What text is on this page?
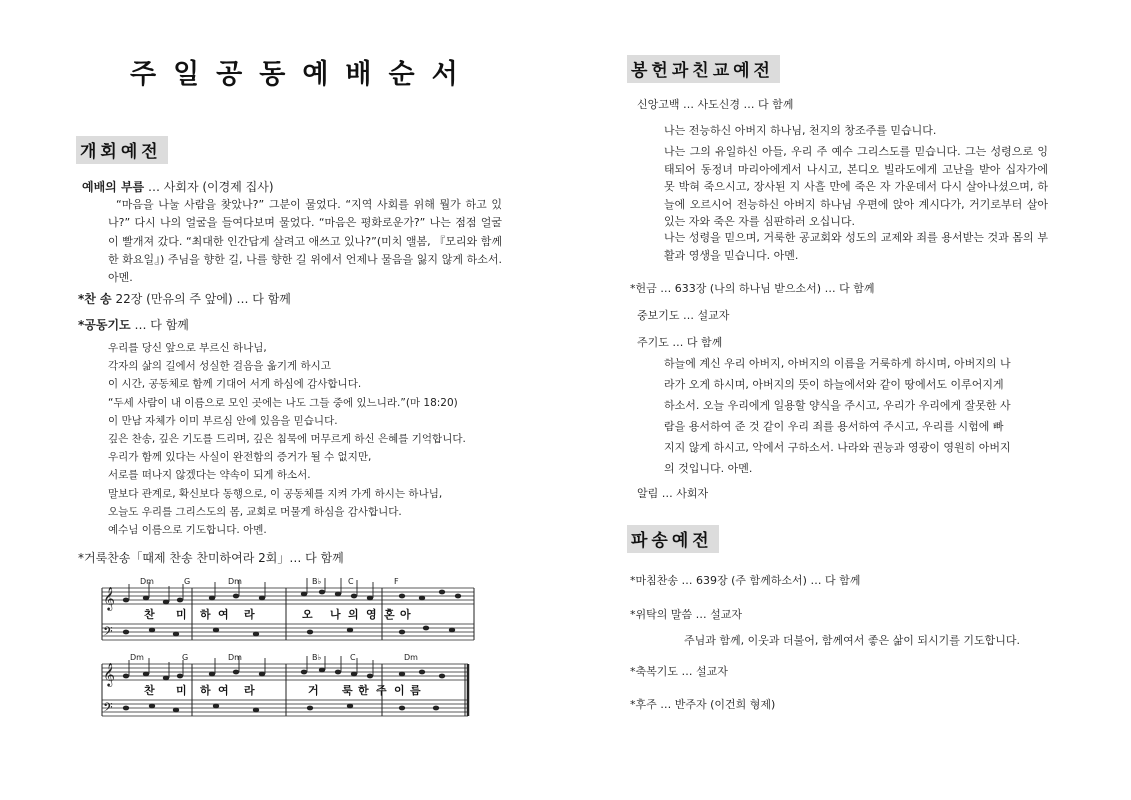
주일공동예배순서
개회예전
예배의 부름 … 사회자 (이경제 집사)
“마음을 나눌 사람을 찾았나?” 그분이 물었다. “지역 사회를 위해 뭘가 하고 있나?” 다시 나의 얼굴을 들여다보며 물었다. “마음은 평화로운가?” 나는 점점 얼굴이 빨개져 갔다. “최대한 인간답게 살려고 애쓰고 있나?”(미치 앨봄, 『모리와 함께한 화요일』) 주님을 향한 길, 나를 향한 길 위에서 언제나 물음을 잃지 않게 하소서. 아멘.
*찬 송 22장 (만유의 주 앞에) … 다 함께
*공동기도 … 다 함께
우리를 당신 앞으로 부르신 하나님,
각자의 삶의 길에서 성실한 걸음을 옮기게 하시고
이 시간, 공동체로 함께 기대어 서게 하심에 감사합니다.
“두세 사람이 내 이름으로 모인 곳에는 나도 그들 중에 있느니라.”(마 18:20)
이 만남 자체가 이미 부르심 안에 있음을 믿습니다.
깊은 찬송, 깊은 기도를 드리며, 깊은 침묵에 머무르게 하신 은혜를 기억합니다.
우리가 함께 있다는 사실이 완전함의 증거가 될 수 없지만,
서로를 떠나지 않겠다는 약속이 되게 하소서.
말보다 관계로, 확신보다 동행으로, 이 공동체를 지켜 가게 하시는 하나님,
오늘도 우리를 그리스도의 몸, 교회로 머물게 하심을 감사합니다.
예수님 이름으로 기도합니다. 아멘.
*거룩찬송「때제 찬송 찬미하여라 2회」… 다 함께
𝄞
𝄢
𝄞
𝄢
Dm	G	Dm	B♭	C	F
Dm	G	Dm	B♭	C	Dm
찬 미 하 여 라	오 나 의 영 혼 아
찬 미 하 여 라	거 룩 한 주 이 름
봉헌과친교예전
신앙고백 … 사도신경 … 다 함께
나는 전능하신 아버지 하나님, 천지의 창조주를 믿습니다.
나는 그의 유일하신 아들, 우리 주 예수 그리스도를 믿습니다. 그는 성령으로 잉태되어 동정녀 마리아에게서 나시고, 본디오 빌라도에게 고난을 받아 십자가에 못 박혀 죽으시고, 장사된 지 사흘 만에 죽은 자 가운데서 다시 살아나셨으며, 하늘에 오르시어 전능하신 아버지 하나님 우편에 앉아 계시다가, 거기로부터 살아있는 자와 죽은 자를 심판하러 오십니다.
나는 성령을 믿으며, 거룩한 공교회와 성도의 교제와 죄를 용서받는 것과 몸의 부활과 영생을 믿습니다. 아멘.
*헌금 … 633장 (나의 하나님 받으소서) … 다 함께
중보기도 … 설교자
주기도 … 다 함께
하늘에 계신 우리 아버지, 아버지의 이름을 거룩하게 하시며, 아버지의 나
라가 오게 하시며, 아버지의 뜻이 하늘에서와 같이 땅에서도 이루어지게
하소서. 오늘 우리에게 일용할 양식을 주시고, 우리가 우리에게 잘못한 사
람을 용서하여 준 것 같이 우리 죄를 용서하여 주시고, 우리를 시험에 빠
지지 않게 하시고, 악에서 구하소서. 나라와 권능과 영광이 영원히 아버지
의 것입니다. 아멘.
알림 … 사회자
파송예전
*마침찬송 … 639장 (주 함께하소서) … 다 함께
*위탁의 말씀 … 설교자
주님과 함께, 이웃과 더불어, 함께여서 좋은 삶이 되시기를 기도합니다.
*축복기도 … 설교자
*후주 … 반주자 (이건희 형제)
